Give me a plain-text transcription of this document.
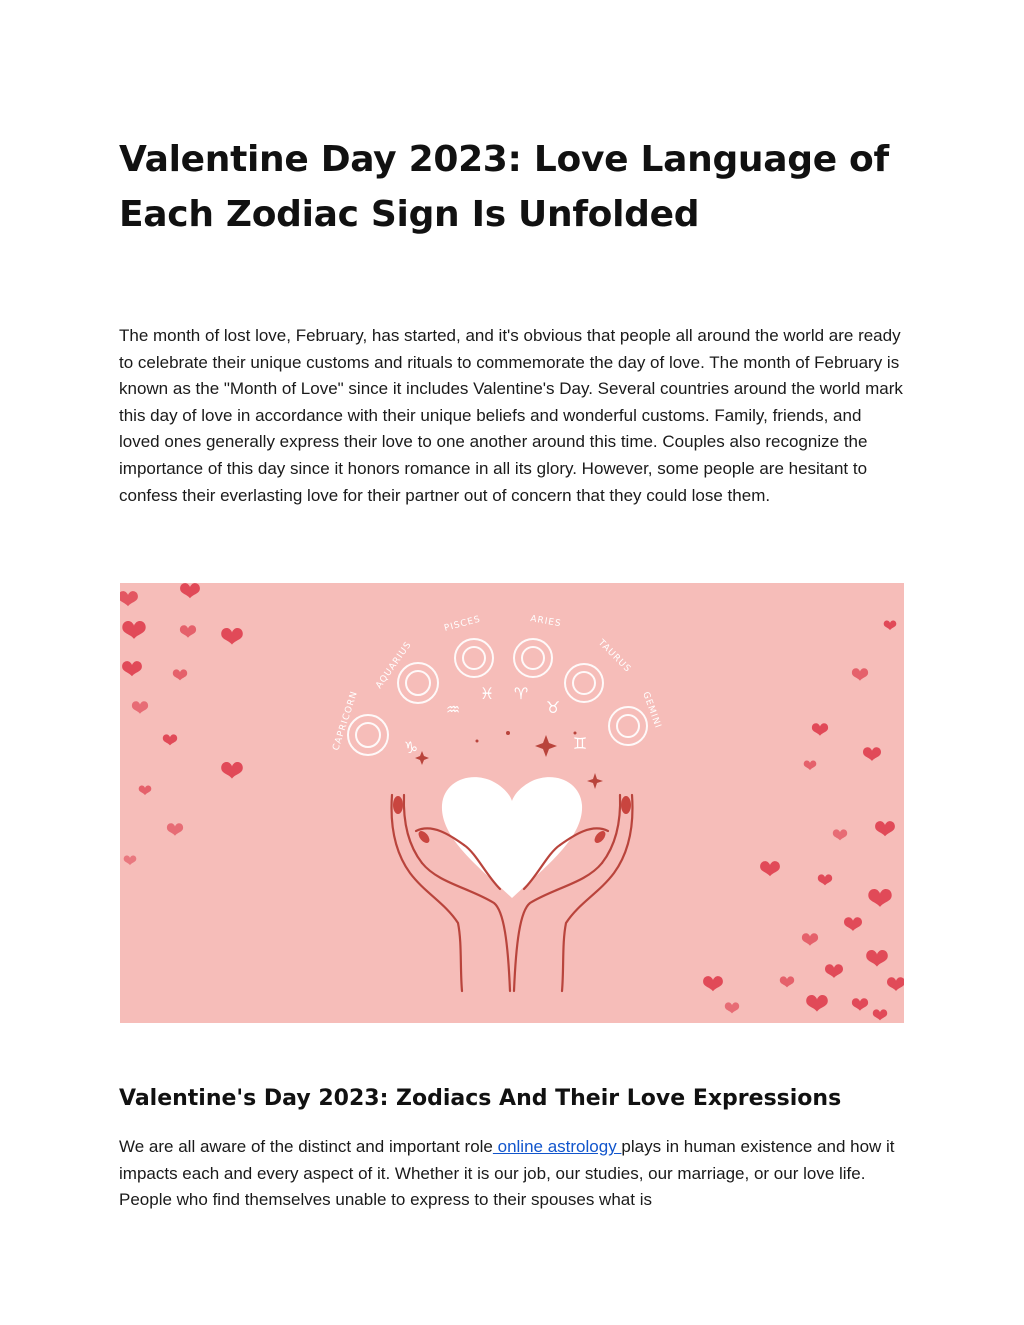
Valentine Day 2023: Love Language of Each Zodiac Sign Is Unfolded

The month of lost love, February, has started, and it's obvious that people all around the world are ready to celebrate their unique customs and rituals to commemorate the day of love. The month of February is known as the "Month of Love" since it includes Valentine's Day. Several countries around the world mark this day of love in accordance with their unique beliefs and wonderful customs. Family, friends, and loved ones generally express their love to one another around this time. Couples also recognize the importance of this day since it honors romance in all its glory. However, some people are hesitant to confess their everlasting love for their partner out of concern that they could lose them.

CAPRICORN
AQUARIUS
PISCES	ARIES
TAURUS
GEMINI
♑
♒
♓ ♈
♉
♊
Valentine's Day 2023: Zodiacs And Their Love Expressions

We are all aware of the distinct and important role online astrology plays in human existence and how it impacts each and every aspect of it. Whether it is our job, our studies, our marriage, or our love life. People who find themselves unable to express to their spouses what is
